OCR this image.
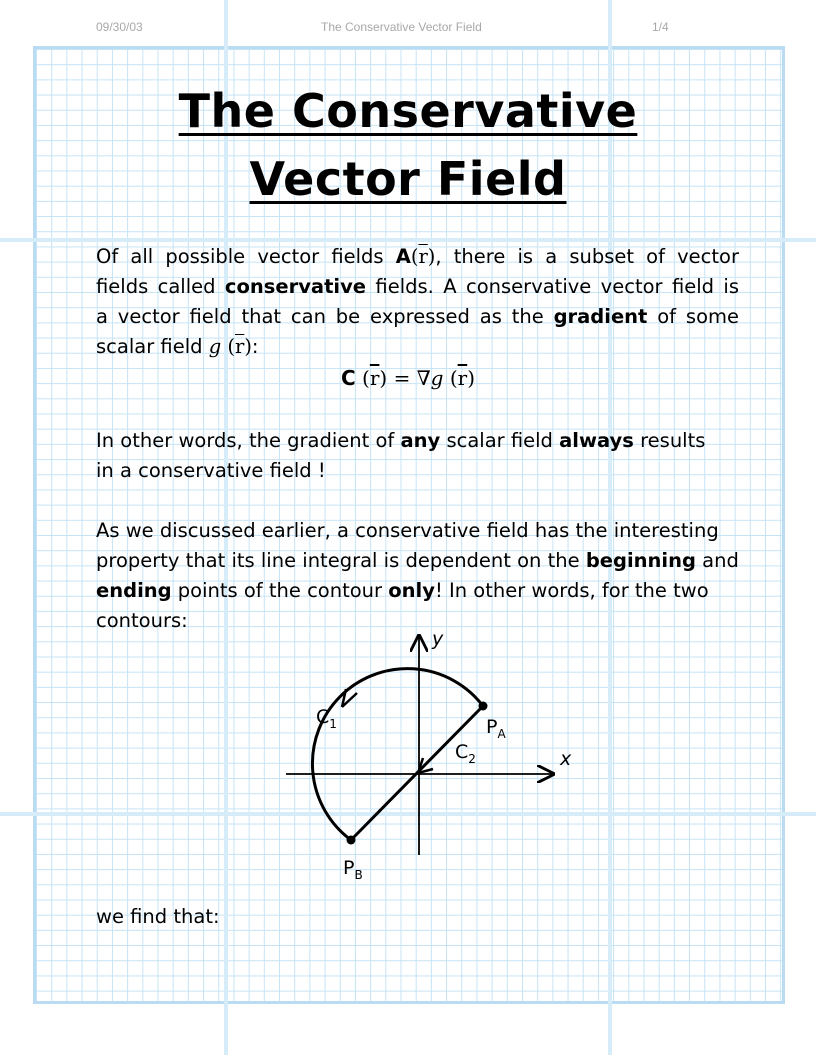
09/30/03	The Conservative Vector Field	1/4
The Conservative
Vector Field
Of all possible vector fields $A(\overline{r})$, there is a subset of vector
fields called conservative fields. A conservative vector field is
a vector field that can be expressed as the gradient of some
scalar field g $(\overline{r})$:
C $(\overline{r}) = \nabla g$ $(\overline{r})$
In other words, the gradient of any scalar field always results
in a conservative field !
As we discussed earlier, a conservative field has the interesting
property that its line integral is dependent on the beginning and
ending points of the contour only! In other words, for the two
contours:
y
x
$C_1$
$C_2$
$P_A$
$P_B$
we find that:
